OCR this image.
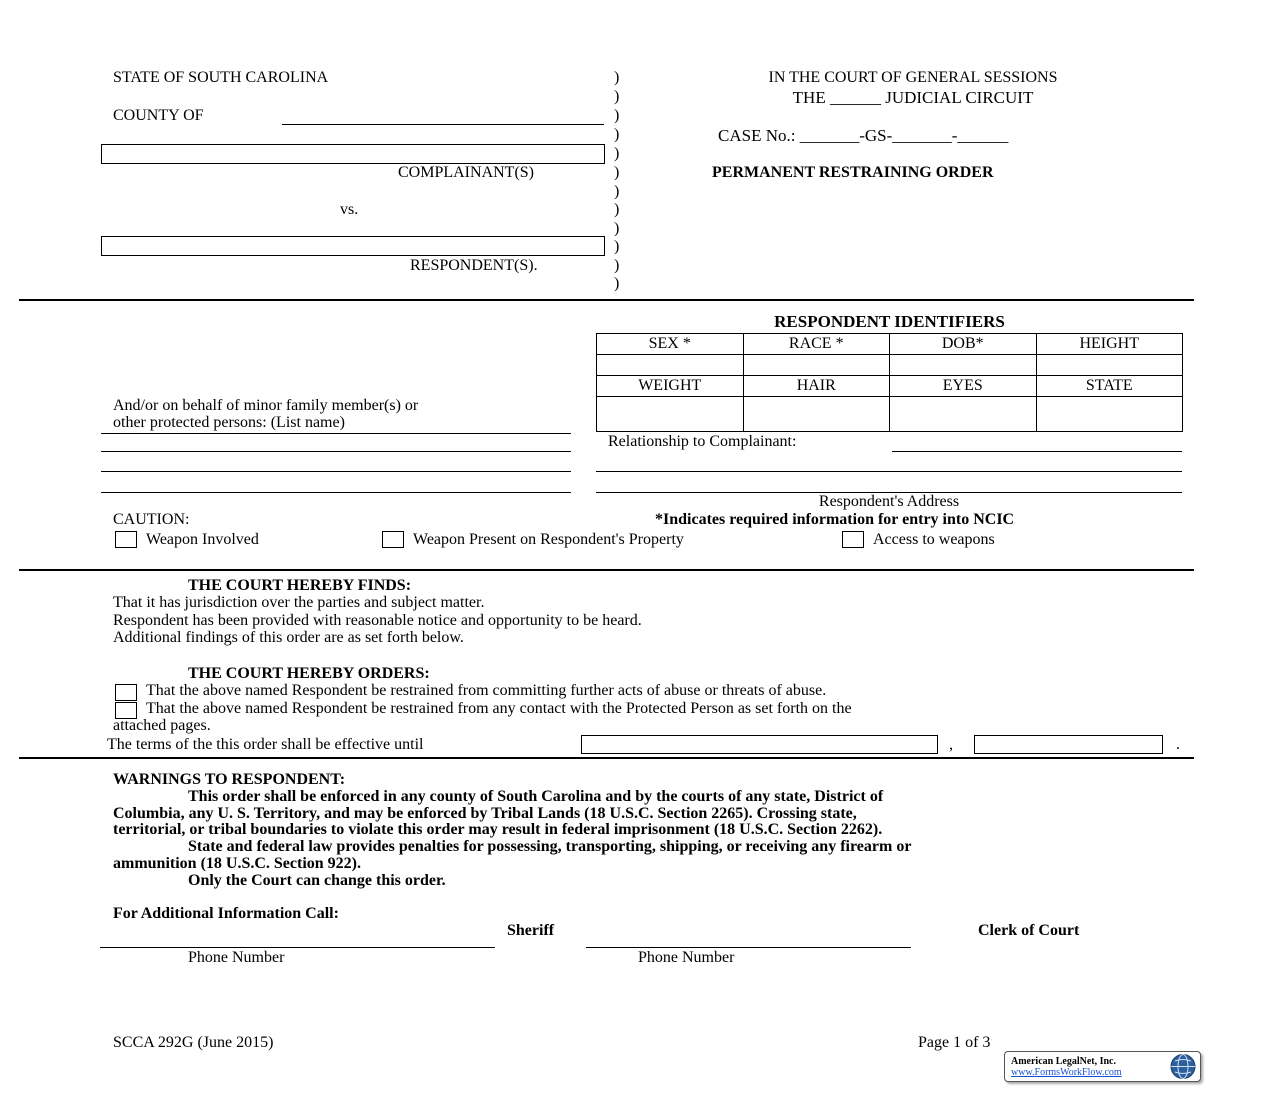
STATE OF SOUTH CAROLINA
COUNTY OF
COMPLAINANT(S)
vs.
RESPONDENT(S).
)
)
)
)
)
)
)
)
)
)
)
)
IN THE COURT OF GENERAL SESSIONS
THE ______ JUDICIAL CIRCUIT
CASE No.: _______-GS-_______-______
PERMANENT RESTRAINING ORDER
RESPONDENT IDENTIFIERS
SEX *	RACE *	DOB*	HEIGHT

WEIGHT	HAIR	EYES	STATE

And/or on behalf of minor family member(s) or
other protected persons: (List name)
Relationship to Complainant:
Respondent's Address
*Indicates required information for entry into NCIC
CAUTION:
Weapon Involved	Weapon Present on Respondent's Property	Access to weapons
THE COURT HEREBY FINDS:
That it has jurisdiction over the parties and subject matter.
Respondent has been provided with reasonable notice and opportunity to be heard.
Additional findings of this order are as set forth below.
THE COURT HEREBY ORDERS:
That the above named Respondent be restrained from committing further acts of abuse or threats of abuse.
That the above named Respondent be restrained from any contact with the Protected Person as set forth on the
attached pages.
The terms of the this order shall be effective until	,	.
WARNINGS TO RESPONDENT:
This order shall be enforced in any county of South Carolina and by the courts of any state, District of
Columbia, any U. S. Territory, and may be enforced by Tribal Lands (18 U.S.C. Section 2265). Crossing state,
territorial, or tribal boundaries to violate this order may result in federal imprisonment (18 U.S.C. Section 2262).
State and federal law provides penalties for possessing, transporting, shipping, or receiving any firearm or
ammunition (18 U.S.C. Section 922).
Only the Court can change this order.
For Additional Information Call:
Sheriff	Clerk of Court
Phone Number	Phone Number
SCCA 292G (June 2015)	Page 1 of 3
American LegalNet, Inc.
www.FormsWorkFlow.com
